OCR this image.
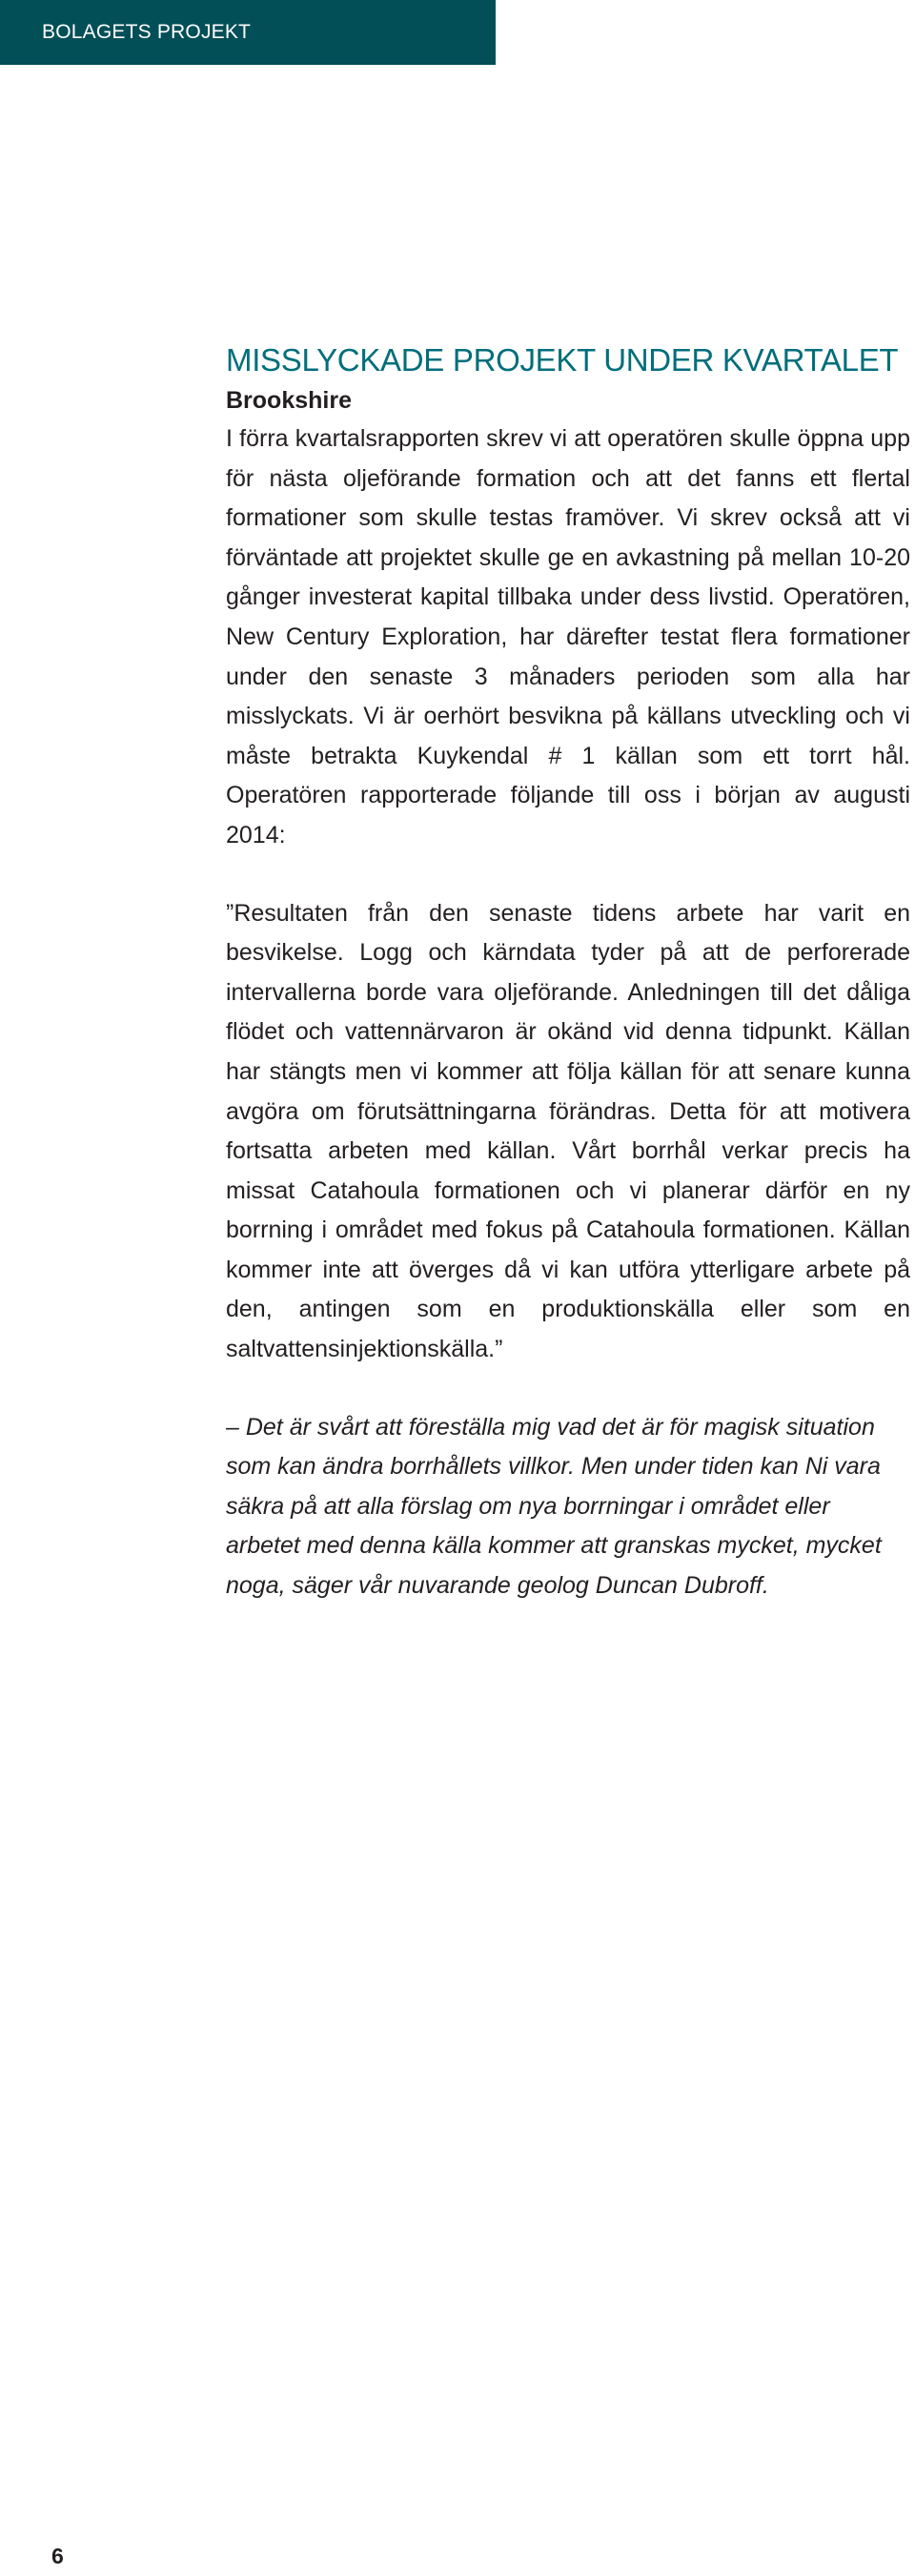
BOLAGETS PROJEKT
MISSLYCKADE PROJEKT UNDER KVARTALET
Brookshire

I förra kvartalsrapporten skrev vi att operatören skulle öppna upp för nästa oljeförande formation och att det fanns ett flertal formationer som skulle testas framöver. Vi skrev också att vi förväntade att projektet skulle ge en avkastning på mellan 10-20 gånger investerat kapital tillbaka under dess livstid. Operatören, New Century Exploration, har därefter testat flera formationer under den senaste 3 månaders perioden som alla har misslyckats. Vi är oerhört besvikna på källans utveckling och vi måste betrakta Kuykendal # 1 källan som ett torrt hål. Operatören rapporterade följande till oss i början av augusti 2014:

”Resultaten från den senaste tidens arbete har varit en besvikelse. Logg och kärndata tyder på att de perforerade intervallerna borde vara oljeförande. Anledningen till det dåliga flödet och vattennärvaron är okänd vid denna tidpunkt. Källan har stängts men vi kommer att följa källan för att senare kunna avgöra om förutsättningarna förändras. Detta för att motivera fortsatta arbeten med källan. Vårt borrhål verkar precis ha missat Catahoula formationen och vi planerar därför en ny borrning i området med fokus på Catahoula formationen. Källan kommer inte att överges då vi kan utföra ytterligare arbete på den, antingen som en produktionskälla eller som en saltvattensinjektionskälla.”

– Det är svårt att föreställa mig vad det är för magisk situation som kan ändra borrhållets villkor. Men under tiden kan Ni vara säkra på att alla förslag om nya borrningar i området eller arbetet med denna källa kommer att granskas mycket, mycket noga, säger vår nuvarande geolog Duncan Dubroff.

6
